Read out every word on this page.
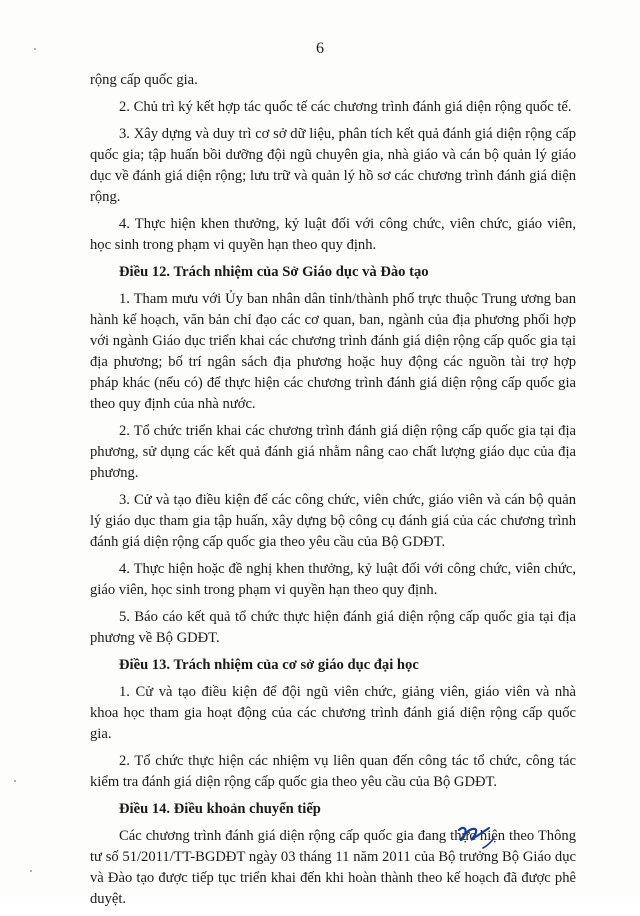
6

rộng cấp quốc gia.

2. Chủ trì ký kết hợp tác quốc tế các chương trình đánh giá diện rộng quốc tế.

3. Xây dựng và duy trì cơ sở dữ liệu, phân tích kết quả đánh giá diện rộng cấp quốc gia; tập huấn bồi dưỡng đội ngũ chuyên gia, nhà giáo và cán bộ quản lý giáo dục về đánh giá diện rộng; lưu trữ và quản lý hồ sơ các chương trình đánh giá diện rộng.

4. Thực hiện khen thưởng, kỷ luật đối với công chức, viên chức, giáo viên, học sinh trong phạm vi quyền hạn theo quy định.

Điều 12. Trách nhiệm của Sở Giáo dục và Đào tạo

1. Tham mưu với Ủy ban nhân dân tỉnh/thành phố trực thuộc Trung ương ban hành kế hoạch, văn bản chỉ đạo các cơ quan, ban, ngành của địa phương phối hợp với ngành Giáo dục triển khai các chương trình đánh giá diện rộng cấp quốc gia tại địa phương; bố trí ngân sách địa phương hoặc huy động các nguồn tài trợ hợp pháp khác (nếu có) để thực hiện các chương trình đánh giá diện rộng cấp quốc gia theo quy định của nhà nước.

2. Tổ chức triển khai các chương trình đánh giá diện rộng cấp quốc gia tại địa phương, sử dụng các kết quả đánh giá nhằm nâng cao chất lượng giáo dục của địa phương.

3. Cử và tạo điều kiện để các công chức, viên chức, giáo viên và cán bộ quản lý giáo dục tham gia tập huấn, xây dựng bộ công cụ đánh giá của các chương trình đánh giá diện rộng cấp quốc gia theo yêu cầu của Bộ GDĐT.

4. Thực hiện hoặc đề nghị khen thưởng, kỷ luật đối với công chức, viên chức, giáo viên, học sinh trong phạm vi quyền hạn theo quy định.

5. Báo cáo kết quả tổ chức thực hiện đánh giá diện rộng cấp quốc gia tại địa phương về Bộ GDĐT.

Điều 13. Trách nhiệm của cơ sở giáo dục đại học

1. Cử và tạo điều kiện để đội ngũ viên chức, giảng viên, giáo viên và nhà khoa học tham gia hoạt động của các chương trình đánh giá diện rộng cấp quốc gia.

2. Tổ chức thực hiện các nhiệm vụ liên quan đến công tác tổ chức, công tác kiểm tra đánh giá diện rộng cấp quốc gia theo yêu cầu của Bộ GDĐT.

Điều 14. Điều khoản chuyển tiếp

Các chương trình đánh giá diện rộng cấp quốc gia đang thực hiện theo Thông tư số 51/2011/TT-BGDĐT ngày 03 tháng 11 năm 2011 của Bộ trưởng Bộ Giáo dục và Đào tạo được tiếp tục triển khai đến khi hoàn thành theo kế hoạch đã được phê duyệt.
